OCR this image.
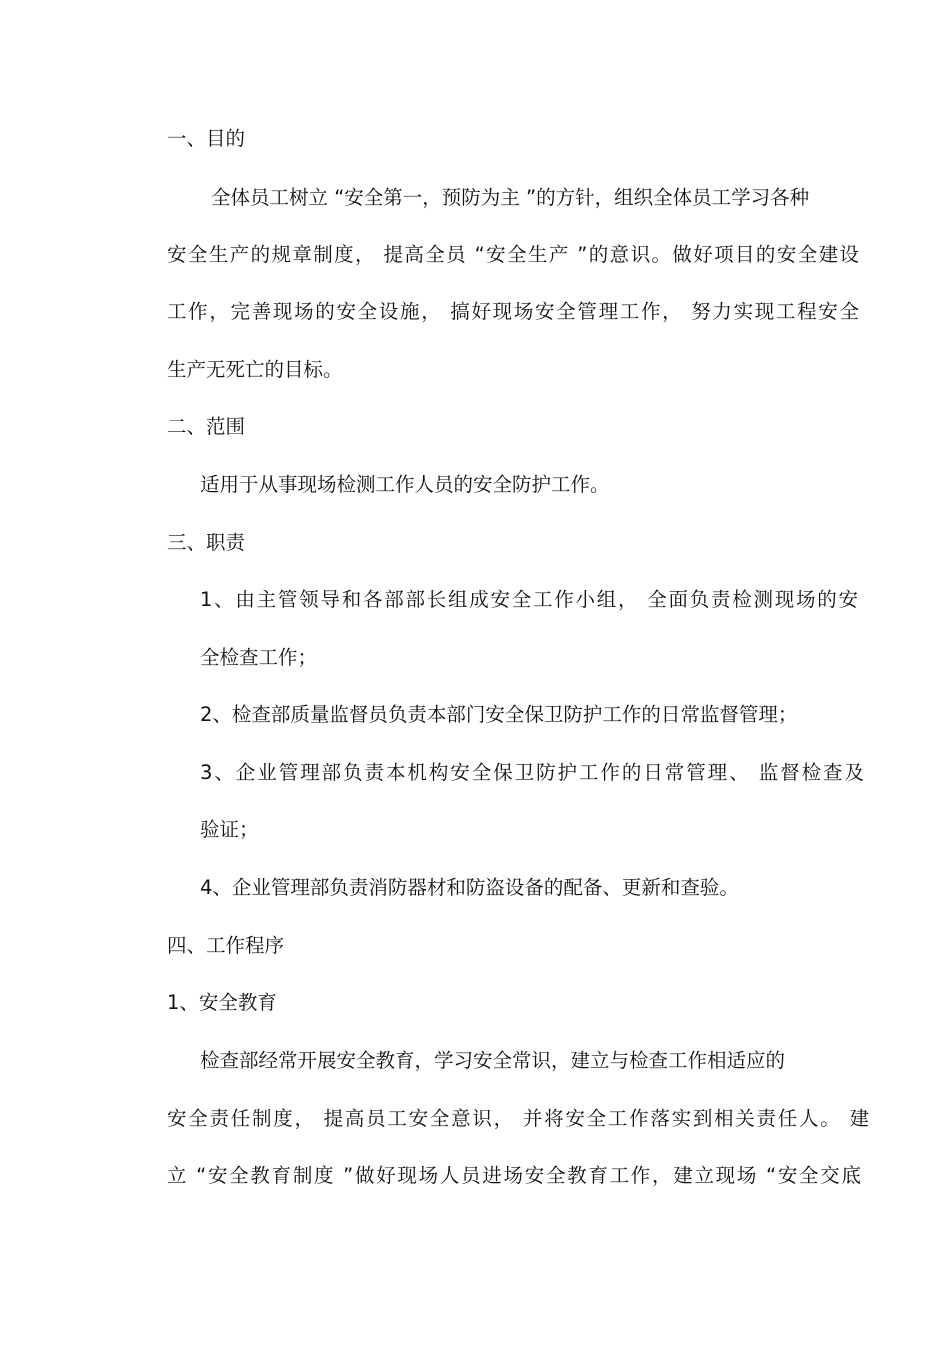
一、目的
全体员工树立 “安全第一，预防为主 ”的方针，组织全体员工学习各种
安全生产的规章制度， 提高全员 “安全生产 ”的意识。做好项目的安全建设
工作，完善现场的安全设施， 搞好现场安全管理工作， 努力实现工程安全
生产无死亡的目标。
二、范围
适用于从事现场检测工作人员的安全防护工作。
三、职责
1、由主管领导和各部部长组成安全工作小组， 全面负责检测现场的安
全检查工作；
2、检查部质量监督员负责本部门安全保卫防护工作的日常监督管理；
3、企业管理部负责本机构安全保卫防护工作的日常管理、 监督检查及
验证；
4、企业管理部负责消防器材和防盗设备的配备、更新和查验。
四、工作程序
1、安全教育
检查部经常开展安全教育，学习安全常识，建立与检查工作相适应的
安全责任制度， 提高员工安全意识， 并将安全工作落实到相关责任人。 建
立 “安全教育制度 ”做好现场人员进场安全教育工作，建立现场 “安全交底
